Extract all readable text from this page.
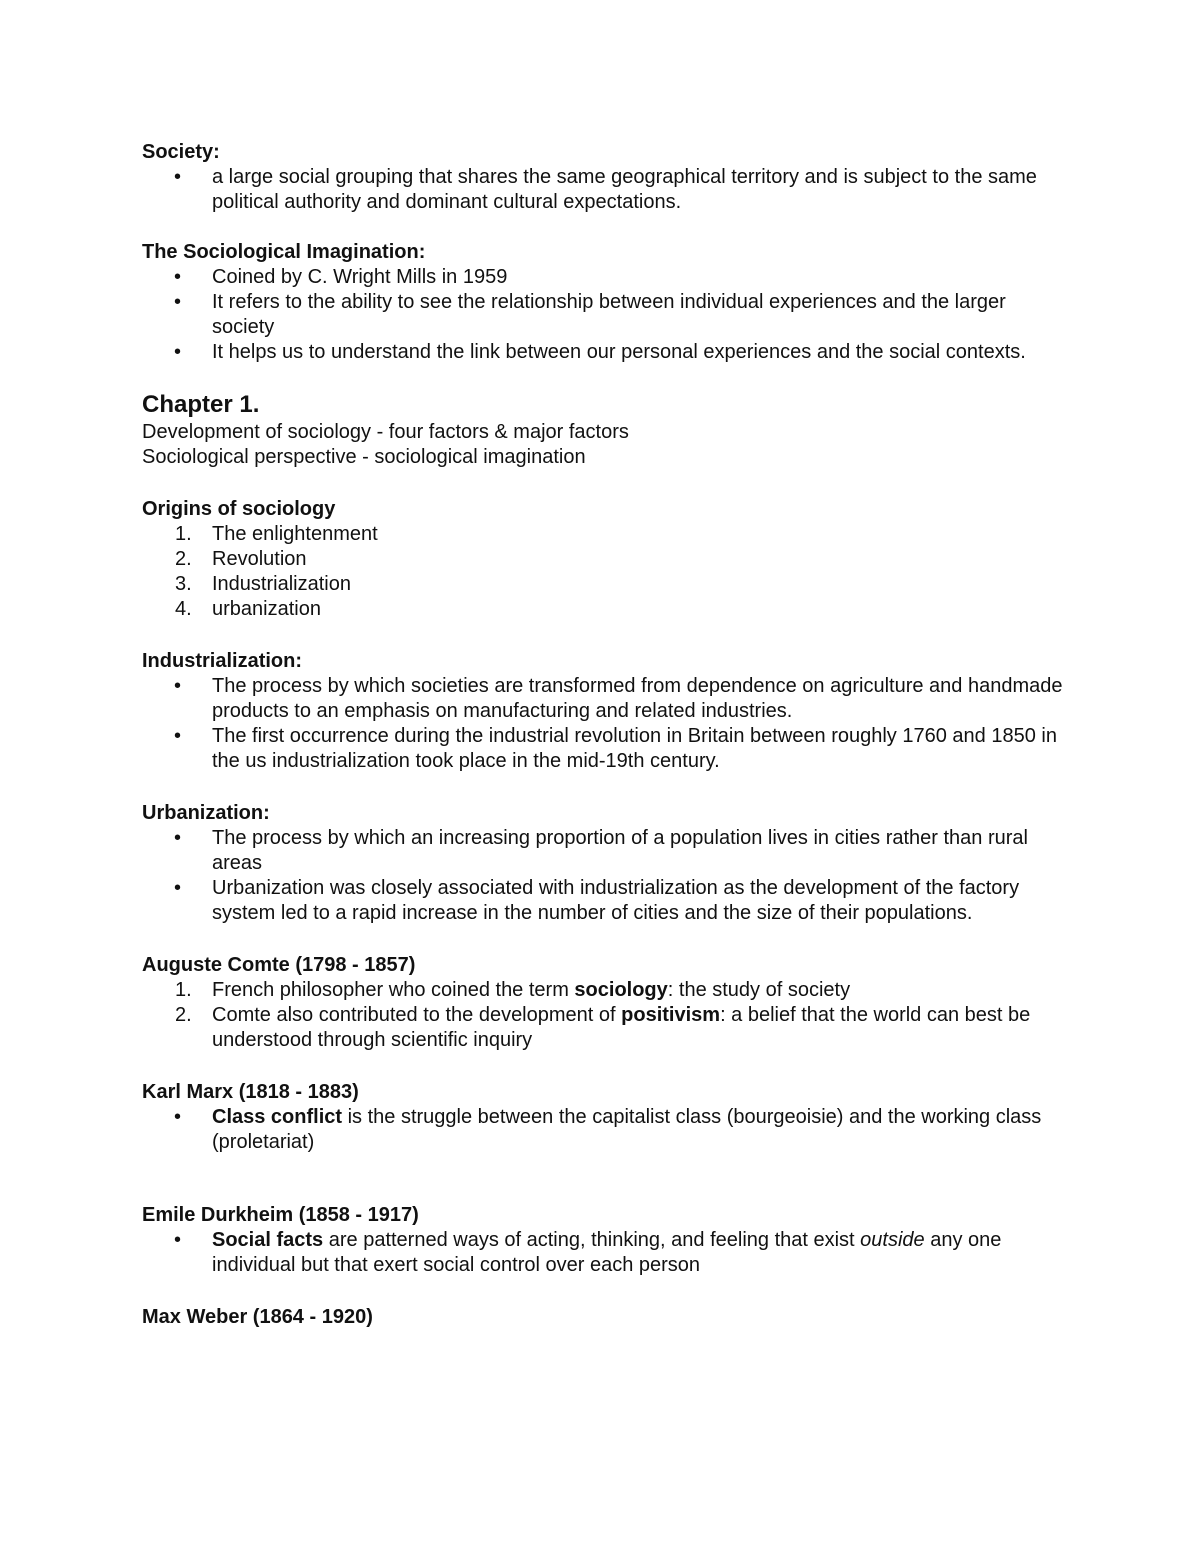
Society:

• a large social grouping that shares the same geographical territory and is subject to the same political authority and dominant cultural expectations.

The Sociological Imagination:

• Coined by C. Wright Mills in 1959
• It refers to the ability to see the relationship between individual experiences and the larger society
• It helps us to understand the link between our personal experiences and the social contexts.

Chapter 1.

Development of sociology - four factors & major factors

Sociological perspective - sociological imagination

Origins of sociology

1. The enlightenment
2. Revolution
3. Industrialization
4. urbanization

Industrialization:

• The process by which societies are transformed from dependence on agriculture and handmade products to an emphasis on manufacturing and related industries.
• The first occurrence during the industrial revolution in Britain between roughly 1760 and 1850 in the us industrialization took place in the mid-19th century.

Urbanization:

• The process by which an increasing proportion of a population lives in cities rather than rural areas
• Urbanization was closely associated with industrialization as the development of the factory system led to a rapid increase in the number of cities and the size of their populations.

Auguste Comte (1798 - 1857)

1. French philosopher who coined the term sociology: the study of society
2. Comte also contributed to the development of positivism: a belief that the world can best be understood through scientific inquiry

Karl Marx (1818 - 1883)

• Class conflict is the struggle between the capitalist class (bourgeoisie) and the working class (proletariat)

Emile Durkheim (1858 - 1917)

• Social facts are patterned ways of acting, thinking, and feeling that exist outside any one individual but that exert social control over each person

Max Weber (1864 - 1920)
